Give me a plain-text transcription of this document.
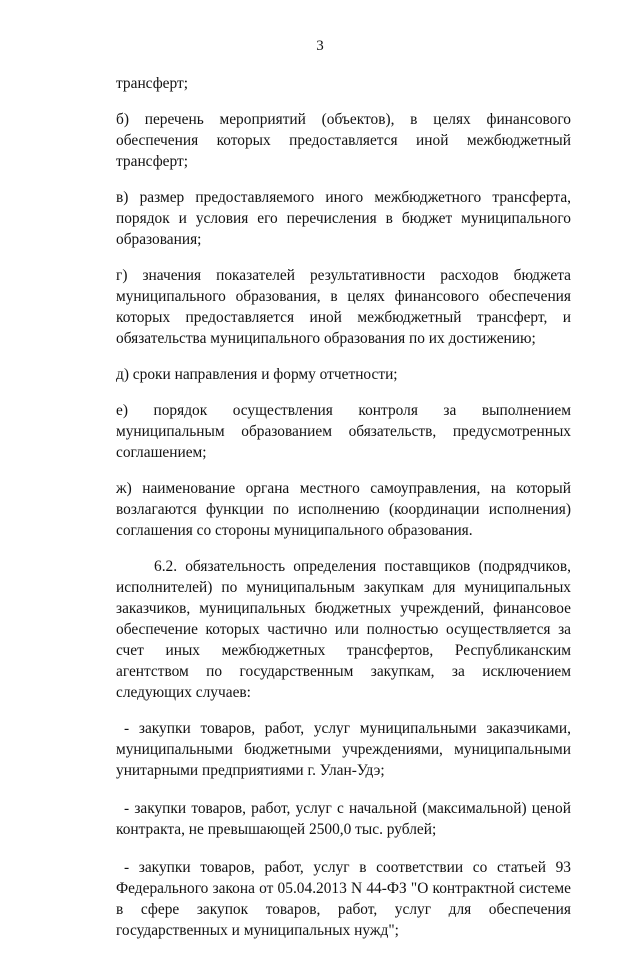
3

трансферт;

б) перечень мероприятий (объектов), в целях финансового обеспечения которых предоставляется иной межбюджетный трансферт;

в) размер предоставляемого иного межбюджетного трансферта, порядок и условия его перечисления в бюджет муниципального образования;

г) значения показателей результативности расходов бюджета муниципального образования, в целях финансового обеспечения которых предоставляется иной межбюджетный трансферт, и обязательства муниципального образования по их достижению;

д) сроки направления и форму отчетности;

е) порядок осуществления контроля за выполнением муниципальным образованием обязательств, предусмотренных соглашением;

ж) наименование органа местного самоуправления, на который возлагаются функции по исполнению (координации исполнения) соглашения со стороны муниципального образования.

6.2. обязательность определения поставщиков (подрядчиков, исполнителей) по муниципальным закупкам для муниципальных заказчиков, муниципальных бюджетных учреждений, финансовое обеспечение которых частично или полностью осуществляется за счет иных межбюджетных трансфертов, Республиканским агентством по государственным закупкам, за исключением следующих случаев:

- закупки товаров, работ, услуг муниципальными заказчиками, муниципальными бюджетными учреждениями, муниципальными унитарными предприятиями г. Улан-Удэ;

- закупки товаров, работ, услуг с начальной (максимальной) ценой контракта, не превышающей 2500,0 тыс. рублей;

- закупки товаров, работ, услуг в соответствии со статьей 93 Федерального закона от 05.04.2013 N 44-ФЗ "О контрактной системе в сфере закупок товаров, работ, услуг для обеспечения государственных и муниципальных нужд";
